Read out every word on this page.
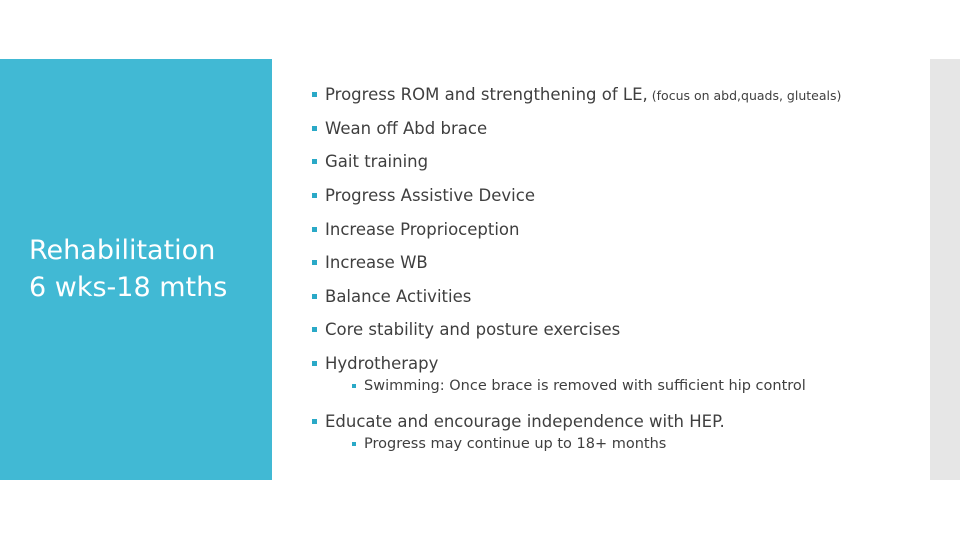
Rehabilitation
6 wks-18 mths
Progress ROM and strengthening of LE, (focus on abd,quads, gluteals)
Wean off Abd brace
Gait training
Progress Assistive Device
Increase Proprioception
Increase WB
Balance Activities
Core stability and posture exercises
Hydrotherapy
Swimming: Once brace is removed with sufficient hip control
Educate and encourage independence with HEP.
Progress may continue up to 18+ months
